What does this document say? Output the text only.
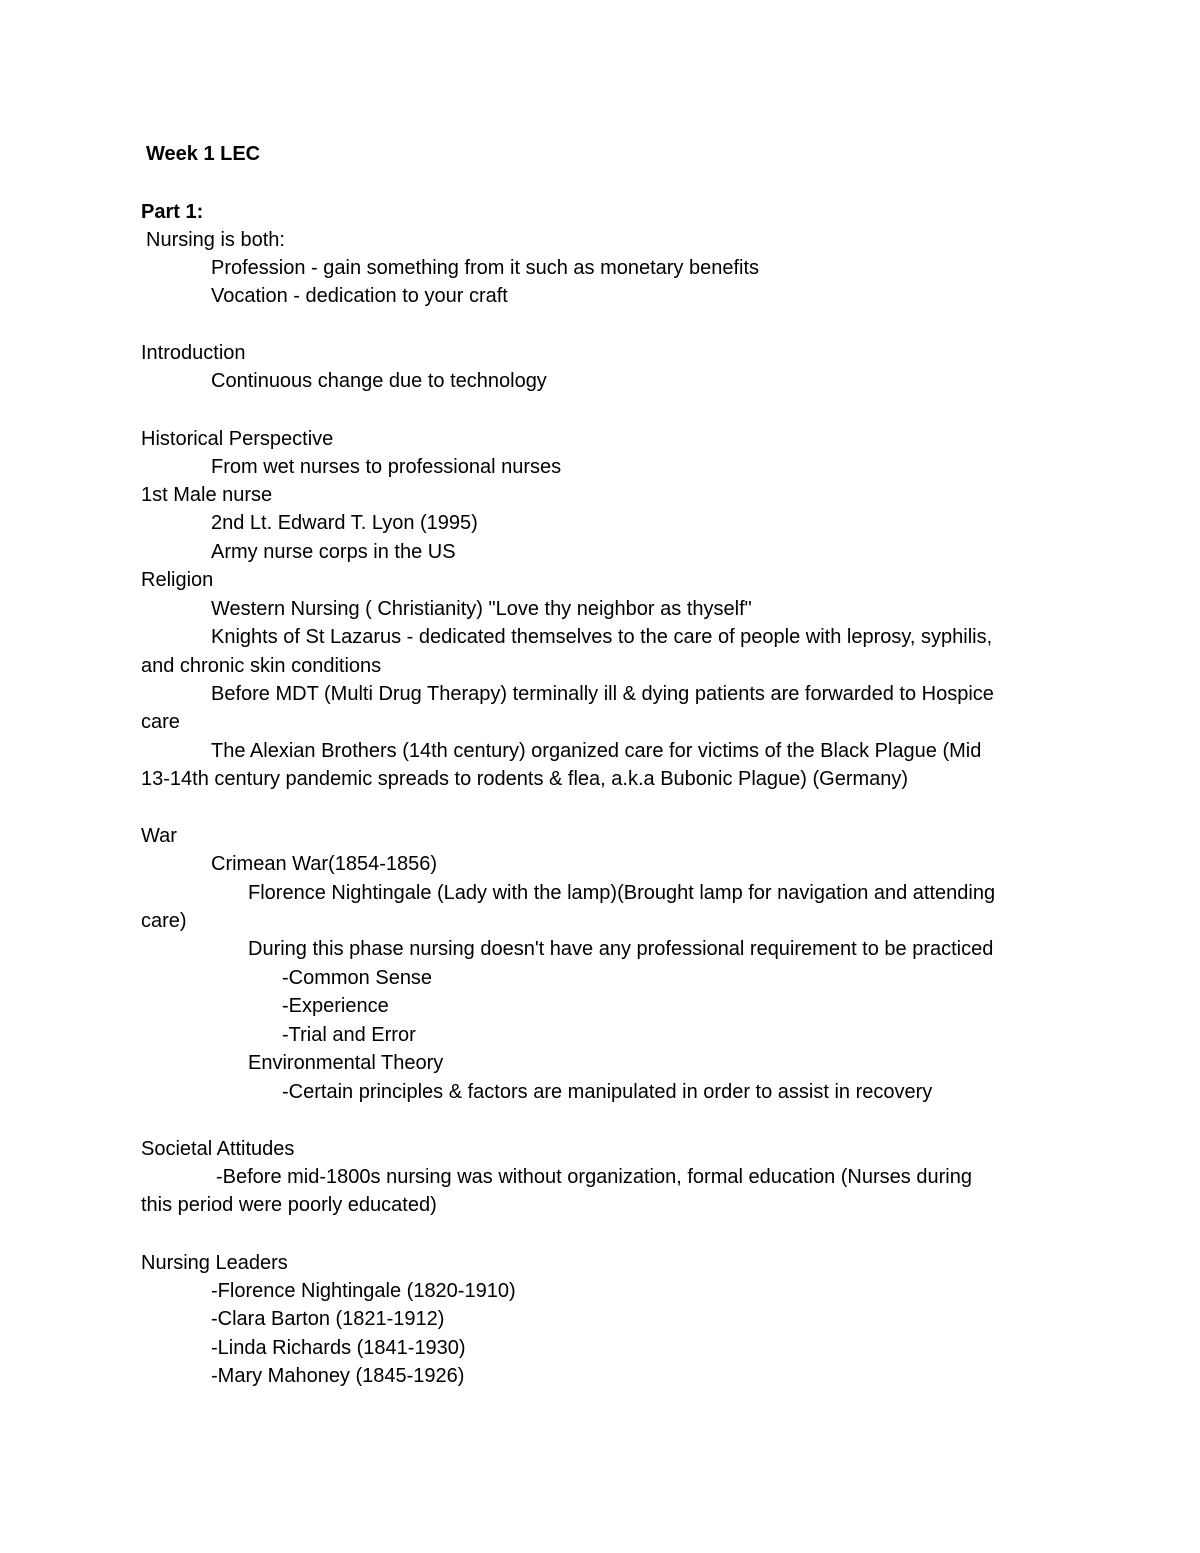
Week 1 LEC
Part 1:
Nursing is both:
Profession - gain something from it such as monetary benefits
Vocation - dedication to your craft
Introduction
Continuous change due to technology
Historical Perspective
From wet nurses to professional nurses
1st Male nurse
2nd Lt. Edward T. Lyon (1995)
Army nurse corps in the US
Religion
Western Nursing ( Christianity) "Love thy neighbor as thyself"
Knights of St Lazarus - dedicated themselves to the care of people with leprosy, syphilis,
and chronic skin conditions
Before MDT (Multi Drug Therapy) terminally ill & dying patients are forwarded to Hospice
care
The Alexian Brothers (14th century) organized care for victims of the Black Plague (Mid
13-14th century pandemic spreads to rodents & flea, a.k.a Bubonic Plague) (Germany)
War
Crimean War(1854-1856)
Florence Nightingale (Lady with the lamp)(Brought lamp for navigation and attending
care)
During this phase nursing doesn't have any professional requirement to be practiced
-Common Sense
-Experience
-Trial and Error
Environmental Theory
-Certain principles & factors are manipulated in order to assist in recovery
Societal Attitudes
-Before mid-1800s nursing was without organization, formal education (Nurses during
this period were poorly educated)
Nursing Leaders
-Florence Nightingale (1820-1910)
-Clara Barton (1821-1912)
-Linda Richards (1841-1930)
-Mary Mahoney (1845-1926)
